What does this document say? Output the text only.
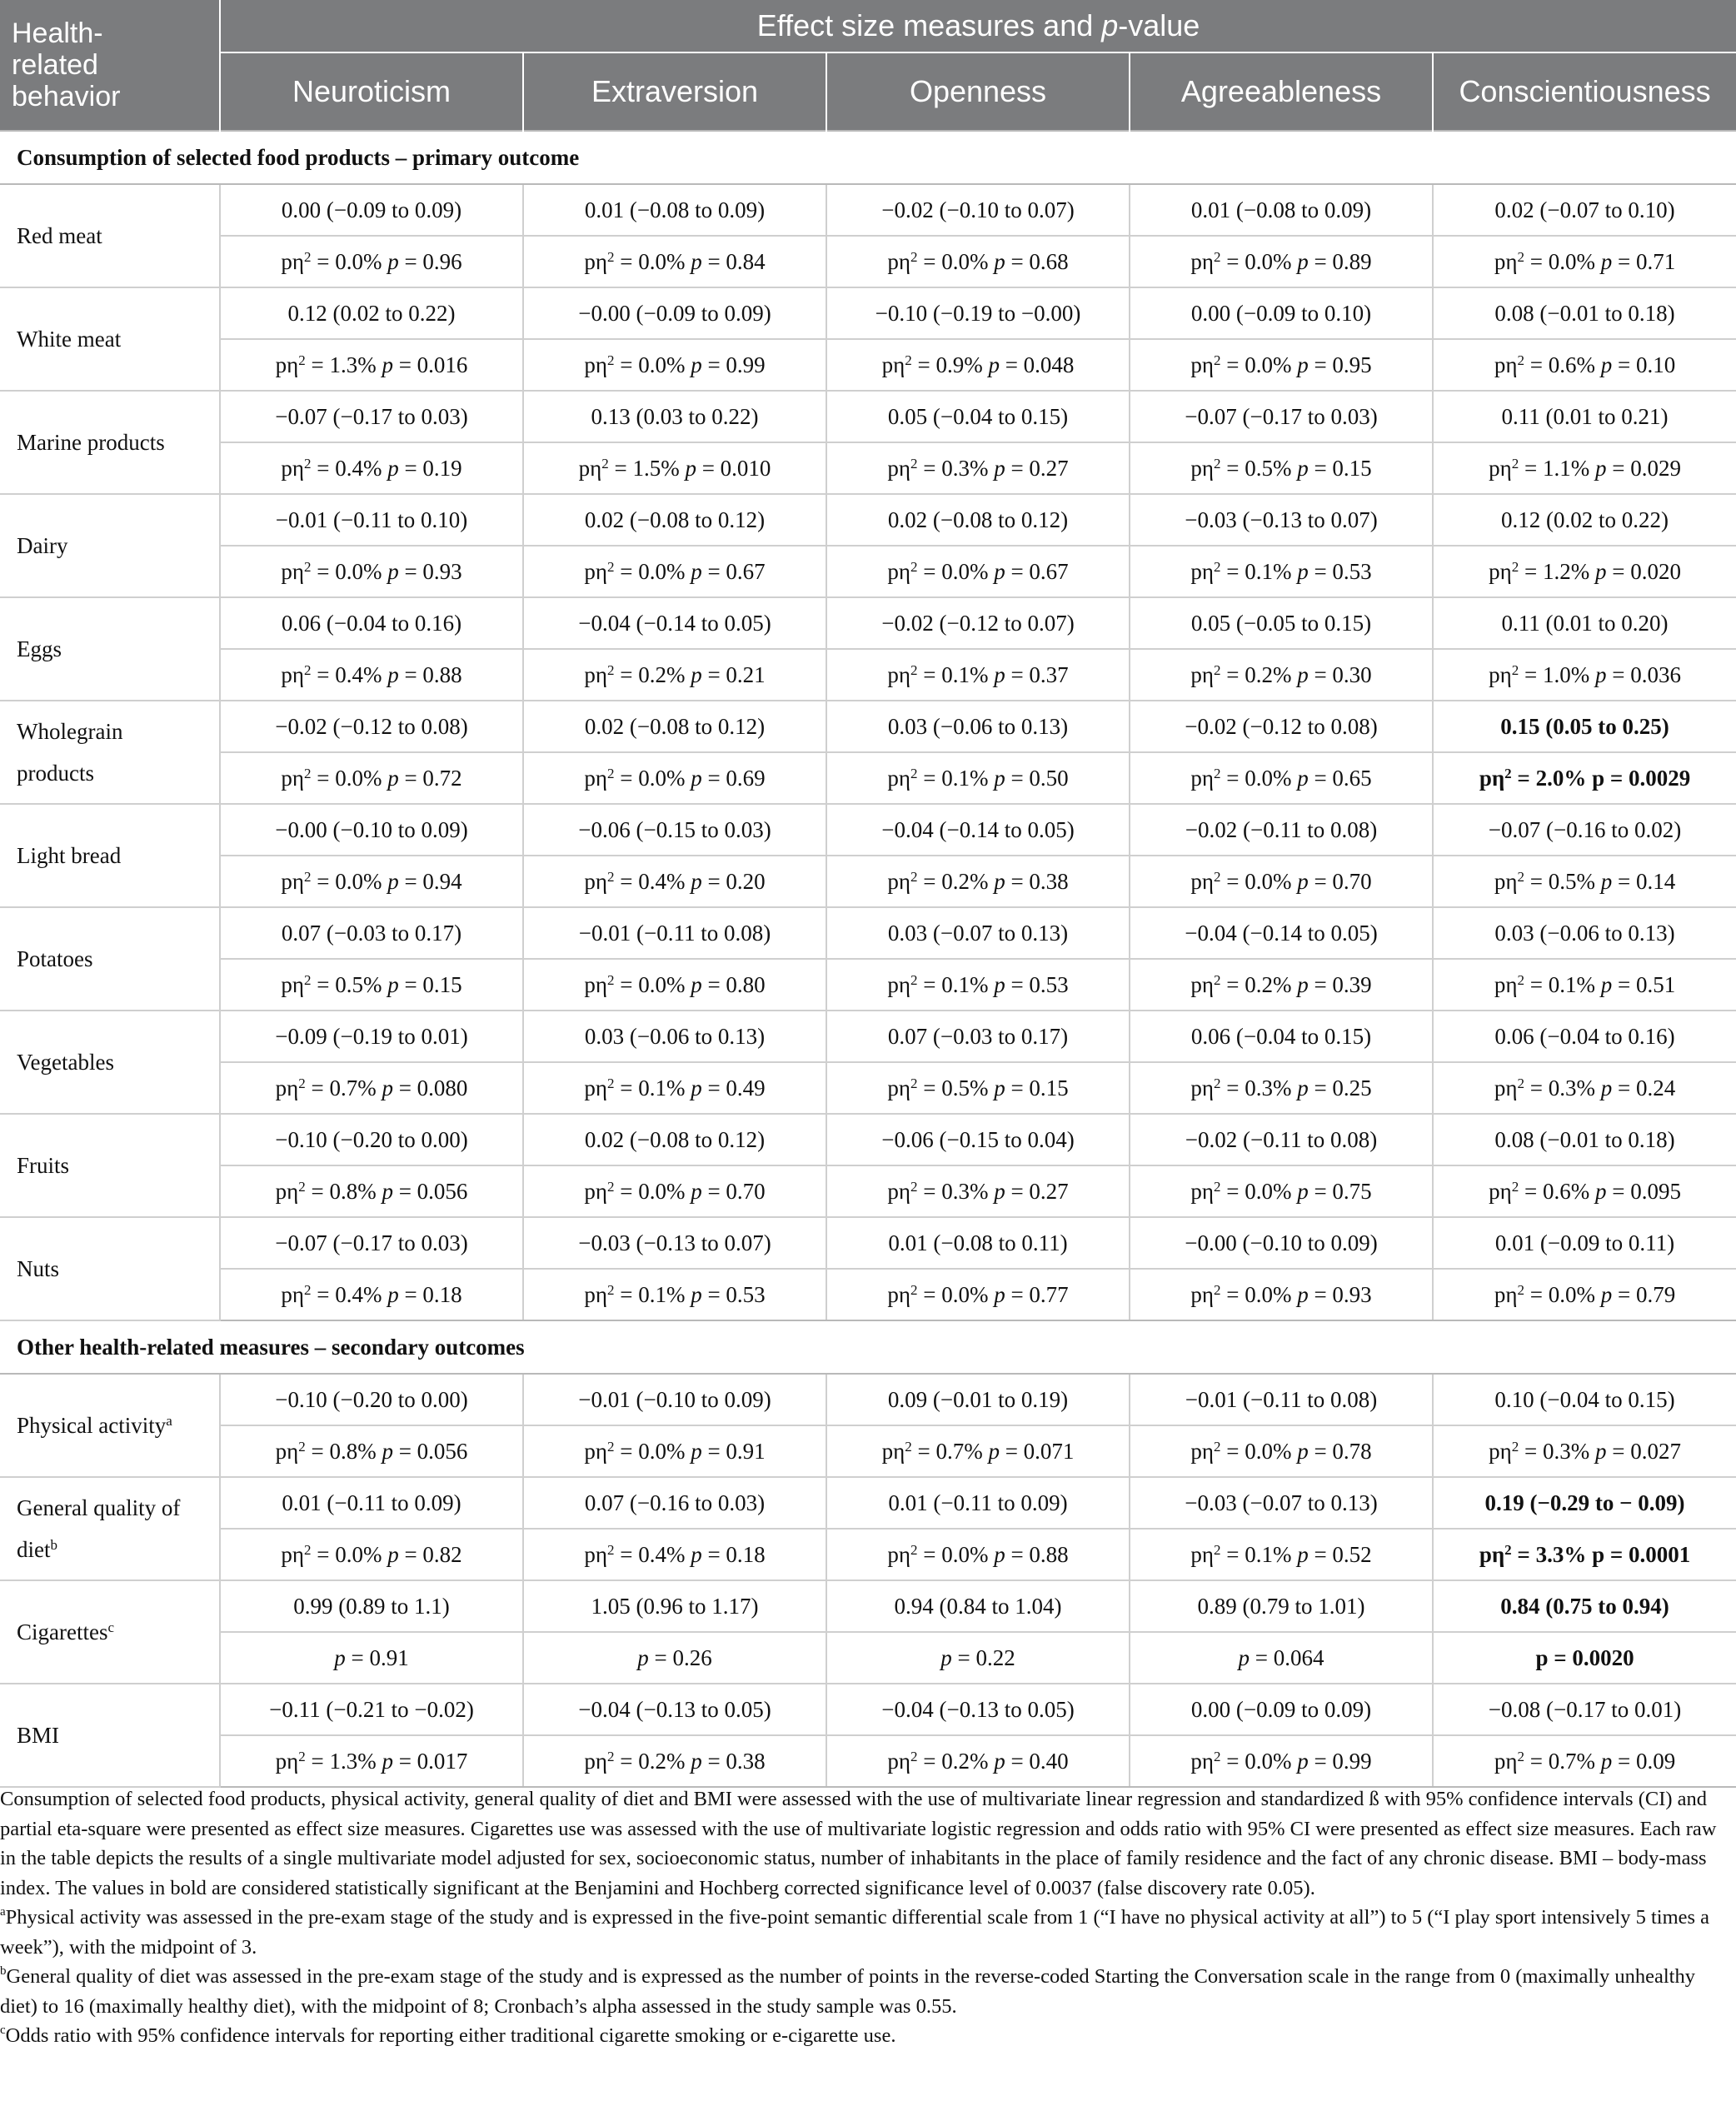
Health-
related
behavior	Effect size measures and p-value				
	Neuroticism	Extraversion	Openness	Agreeableness	Conscientiousness
Consumption of selected food products – primary outcome					
Red meat	0.00 (−0.09 to 0.09)	0.01 (−0.08 to 0.09)	−0.02 (−0.10 to 0.07)	0.01 (−0.08 to 0.09)	0.02 (−0.07 to 0.10)
	$p\eta^2 = 0.0\%$ p = 0.96	$p\eta^2 = 0.0\%$ p = 0.84	$p\eta^2 = 0.0\%$ p = 0.68	$p\eta^2 = 0.0\%$ p = 0.89	$p\eta^2 = 0.0\%$ p = 0.71
White meat	0.12 (0.02 to 0.22)	−0.00 (−0.09 to 0.09)	−0.10 (−0.19 to −0.00)	0.00 (−0.09 to 0.10)	0.08 (−0.01 to 0.18)
	$p\eta^2 = 1.3\%$ p = 0.016	$p\eta^2 = 0.0\%$ p = 0.99	$p\eta^2 = 0.9\%$ p = 0.048	$p\eta^2 = 0.0\%$ p = 0.95	$p\eta^2 = 0.6\%$ p = 0.10
Marine products	−0.07 (−0.17 to 0.03)	0.13 (0.03 to 0.22)	0.05 (−0.04 to 0.15)	−0.07 (−0.17 to 0.03)	0.11 (0.01 to 0.21)
	$p\eta^2 = 0.4\%$ p = 0.19	$p\eta^2 = 1.5\%$ p = 0.010	$p\eta^2 = 0.3\%$ p = 0.27	$p\eta^2 = 0.5\%$ p = 0.15	$p\eta^2 = 1.1\%$ p = 0.029
Dairy	−0.01 (−0.11 to 0.10)	0.02 (−0.08 to 0.12)	0.02 (−0.08 to 0.12)	−0.03 (−0.13 to 0.07)	0.12 (0.02 to 0.22)
	$p\eta^2 = 0.0\%$ p = 0.93	$p\eta^2 = 0.0\%$ p = 0.67	$p\eta^2 = 0.0\%$ p = 0.67	$p\eta^2 = 0.1\%$ p = 0.53	$p\eta^2 = 1.2\%$ p = 0.020
Eggs	0.06 (−0.04 to 0.16)	−0.04 (−0.14 to 0.05)	−0.02 (−0.12 to 0.07)	0.05 (−0.05 to 0.15)	0.11 (0.01 to 0.20)
	$p\eta^2 = 0.4\%$ p = 0.88	$p\eta^2 = 0.2\%$ p = 0.21	$p\eta^2 = 0.1\%$ p = 0.37	$p\eta^2 = 0.2\%$ p = 0.30	$p\eta^2 = 1.0\%$ p = 0.036
Wholegrain
products	−0.02 (−0.12 to 0.08)	0.02 (−0.08 to 0.12)	0.03 (−0.06 to 0.13)	−0.02 (−0.12 to 0.08)	0.15 (0.05 to 0.25)
	$p\eta^2 = 0.0\%$ p = 0.72	$p\eta^2 = 0.0\%$ p = 0.69	$p\eta^2 = 0.1\%$ p = 0.50	$p\eta^2 = 0.0\%$ p = 0.65	$p\eta^2 = 2.0\%$ p = 0.0029
Light bread	−0.00 (−0.10 to 0.09)	−0.06 (−0.15 to 0.03)	−0.04 (−0.14 to 0.05)	−0.02 (−0.11 to 0.08)	−0.07 (−0.16 to 0.02)
	$p\eta^2 = 0.0\%$ p = 0.94	$p\eta^2 = 0.4\%$ p = 0.20	$p\eta^2 = 0.2\%$ p = 0.38	$p\eta^2 = 0.0\%$ p = 0.70	$p\eta^2 = 0.5\%$ p = 0.14
Potatoes	0.07 (−0.03 to 0.17)	−0.01 (−0.11 to 0.08)	0.03 (−0.07 to 0.13)	−0.04 (−0.14 to 0.05)	0.03 (−0.06 to 0.13)
	$p\eta^2 = 0.5\%$ p = 0.15	$p\eta^2 = 0.0\%$ p = 0.80	$p\eta^2 = 0.1\%$ p = 0.53	$p\eta^2 = 0.2\%$ p = 0.39	$p\eta^2 = 0.1\%$ p = 0.51
Vegetables	−0.09 (−0.19 to 0.01)	0.03 (−0.06 to 0.13)	0.07 (−0.03 to 0.17)	0.06 (−0.04 to 0.15)	0.06 (−0.04 to 0.16)
	$p\eta^2 = 0.7\%$ p = 0.080	$p\eta^2 = 0.1\%$ p = 0.49	$p\eta^2 = 0.5\%$ p = 0.15	$p\eta^2 = 0.3\%$ p = 0.25	$p\eta^2 = 0.3\%$ p = 0.24
Fruits	−0.10 (−0.20 to 0.00)	0.02 (−0.08 to 0.12)	−0.06 (−0.15 to 0.04)	−0.02 (−0.11 to 0.08)	0.08 (−0.01 to 0.18)
	$p\eta^2 = 0.8\%$ p = 0.056	$p\eta^2 = 0.0\%$ p = 0.70	$p\eta^2 = 0.3\%$ p = 0.27	$p\eta^2 = 0.0\%$ p = 0.75	$p\eta^2 = 0.6\%$ p = 0.095
Nuts	−0.07 (−0.17 to 0.03)	−0.03 (−0.13 to 0.07)	0.01 (−0.08 to 0.11)	−0.00 (−0.10 to 0.09)	0.01 (−0.09 to 0.11)
	$p\eta^2 = 0.4\%$ p = 0.18	$p\eta^2 = 0.1\%$ p = 0.53	$p\eta^2 = 0.0\%$ p = 0.77	$p\eta^2 = 0.0\%$ p = 0.93	$p\eta^2 = 0.0\%$ p = 0.79
Other health-related measures – secondary outcomes					
Physical activity$^a$	−0.10 (−0.20 to 0.00)	−0.01 (−0.10 to 0.09)	0.09 (−0.01 to 0.19)	−0.01 (−0.11 to 0.08)	0.10 (−0.04 to 0.15)
	$p\eta^2 = 0.8\%$ p = 0.056	$p\eta^2 = 0.0\%$ p = 0.91	$p\eta^2 = 0.7\%$ p = 0.071	$p\eta^2 = 0.0\%$ p = 0.78	$p\eta^2 = 0.3\%$ p = 0.027
General quality of
diet$^b$	0.01 (−0.11 to 0.09)	0.07 (−0.16 to 0.03)	0.01 (−0.11 to 0.09)	−0.03 (−0.07 to 0.13)	0.19 (−0.29 to − 0.09)
	$p\eta^2 = 0.0\%$ p = 0.82	$p\eta^2 = 0.4\%$ p = 0.18	$p\eta^2 = 0.0\%$ p = 0.88	$p\eta^2 = 0.1\%$ p = 0.52	$p\eta^2 = 3.3\%$ p = 0.0001
Cigarettes$^c$	0.99 (0.89 to 1.1)	1.05 (0.96 to 1.17)	0.94 (0.84 to 1.04)	0.89 (0.79 to 1.01)	0.84 (0.75 to 0.94)
	p = 0.91	p = 0.26	p = 0.22	p = 0.064	p = 0.0020
BMI	−0.11 (−0.21 to −0.02)	−0.04 (−0.13 to 0.05)	−0.04 (−0.13 to 0.05)	0.00 (−0.09 to 0.09)	−0.08 (−0.17 to 0.01)
	$p\eta^2 = 1.3\%$ p = 0.017	$p\eta^2 = 0.2\%$ p = 0.38	$p\eta^2 = 0.2\%$ p = 0.40	$p\eta^2 = 0.0\%$ p = 0.99	$p\eta^2 = 0.7\%$ p = 0.09

Consumption of selected food products, physical activity, general quality of diet and BMI were assessed with the use of multivariate linear regression and standardized ß with 95% confidence intervals (CI) and partial eta-square were presented as effect size measures. Cigarettes use was assessed with the use of multivariate logistic regression and odds ratio with 95% CI were presented as effect size measures. Each raw in the table depicts the results of a single multivariate model adjusted for sex, socioeconomic status, number of inhabitants in the place of family residence and the fact of any chronic disease. BMI – body-mass index. The values in bold are considered statistically significant at the Benjamini and Hochberg corrected significance level of 0.0037 (false discovery rate 0.05).

$^a$Physical activity was assessed in the pre-exam stage of the study and is expressed in the five-point semantic differential scale from 1 (“I have no physical activity at all”) to 5 (“I play sport intensively 5 times a week”), with the midpoint of 3.

$^b$General quality of diet was assessed in the pre-exam stage of the study and is expressed as the number of points in the reverse-coded Starting the Conversation scale in the range from 0 (maximally unhealthy diet) to 16 (maximally healthy diet), with the midpoint of 8; Cronbach’s alpha assessed in the study sample was 0.55.

$^c$Odds ratio with 95% confidence intervals for reporting either traditional cigarette smoking or e-cigarette use.
